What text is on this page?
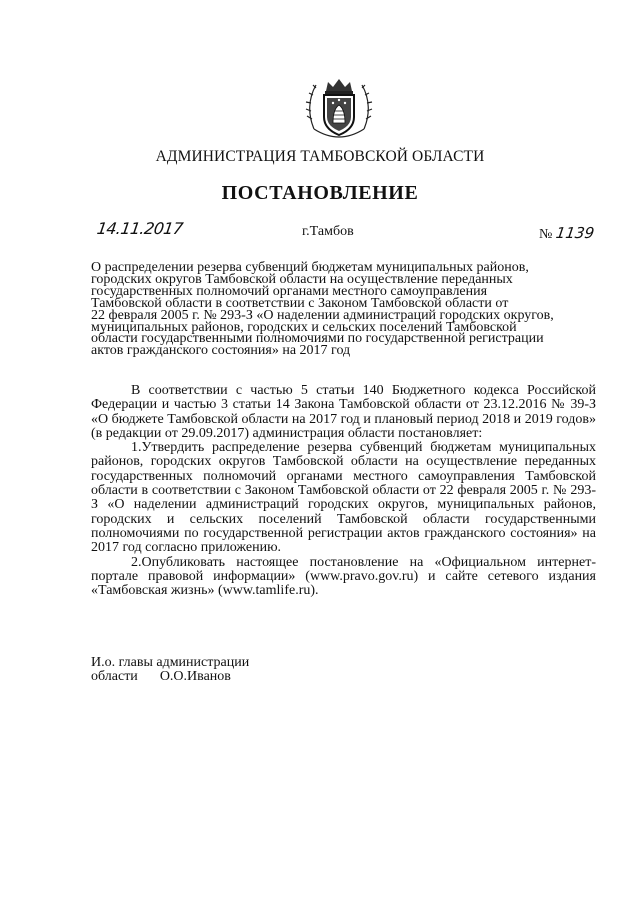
АДМИНИСТРАЦИЯ ТАМБОВСКОЙ ОБЛАСТИ
ПОСТАНОВЛЕНИЕ
14.11.2017	г.Тамбов	№ 1139
О распределении резерва субвенций бюджетам муниципальных районов,
городских округов Тамбовской области на осуществление переданных
государственных полномочий органами местного самоуправления
Тамбовской области в соответствии с Законом Тамбовской области от
22 февраля 2005 г. № 293-З «О наделении администраций городских округов,
муниципальных районов, городских и сельских поселений Тамбовской
области государственными полномочиями по государственной регистрации
актов гражданского состояния» на 2017 год

В соответствии с частью 5 статьи 140 Бюджетного кодекса Российской Федерации и частью 3 статьи 14 Закона Тамбовской области от 23.12.2016 № 39-З «О бюджете Тамбовской области на 2017 год и плановый период 2018 и 2019 годов» (в редакции от 29.09.2017) администрация области постановляет:

1.Утвердить распределение резерва субвенций бюджетам муниципальных районов, городских округов Тамбовской области на осуществление переданных государственных полномочий органами местного самоуправления Тамбовской области в соответствии с Законом Тамбовской области от 22 февраля 2005 г. № 293-З «О наделении администраций городских округов, муниципальных районов, городских и сельских поселений Тамбовской области государственными полномочиями по государственной регистрации актов гражданского состояния» на 2017 год согласно приложению.

2.Опубликовать настоящее постановление на «Официальном интернет-портале правовой информации» (www.pravo.gov.ru) и сайте сетевого издания «Тамбовская жизнь» (www.tamlife.ru).

И.о. главы администрации
области О.О.Иванов
